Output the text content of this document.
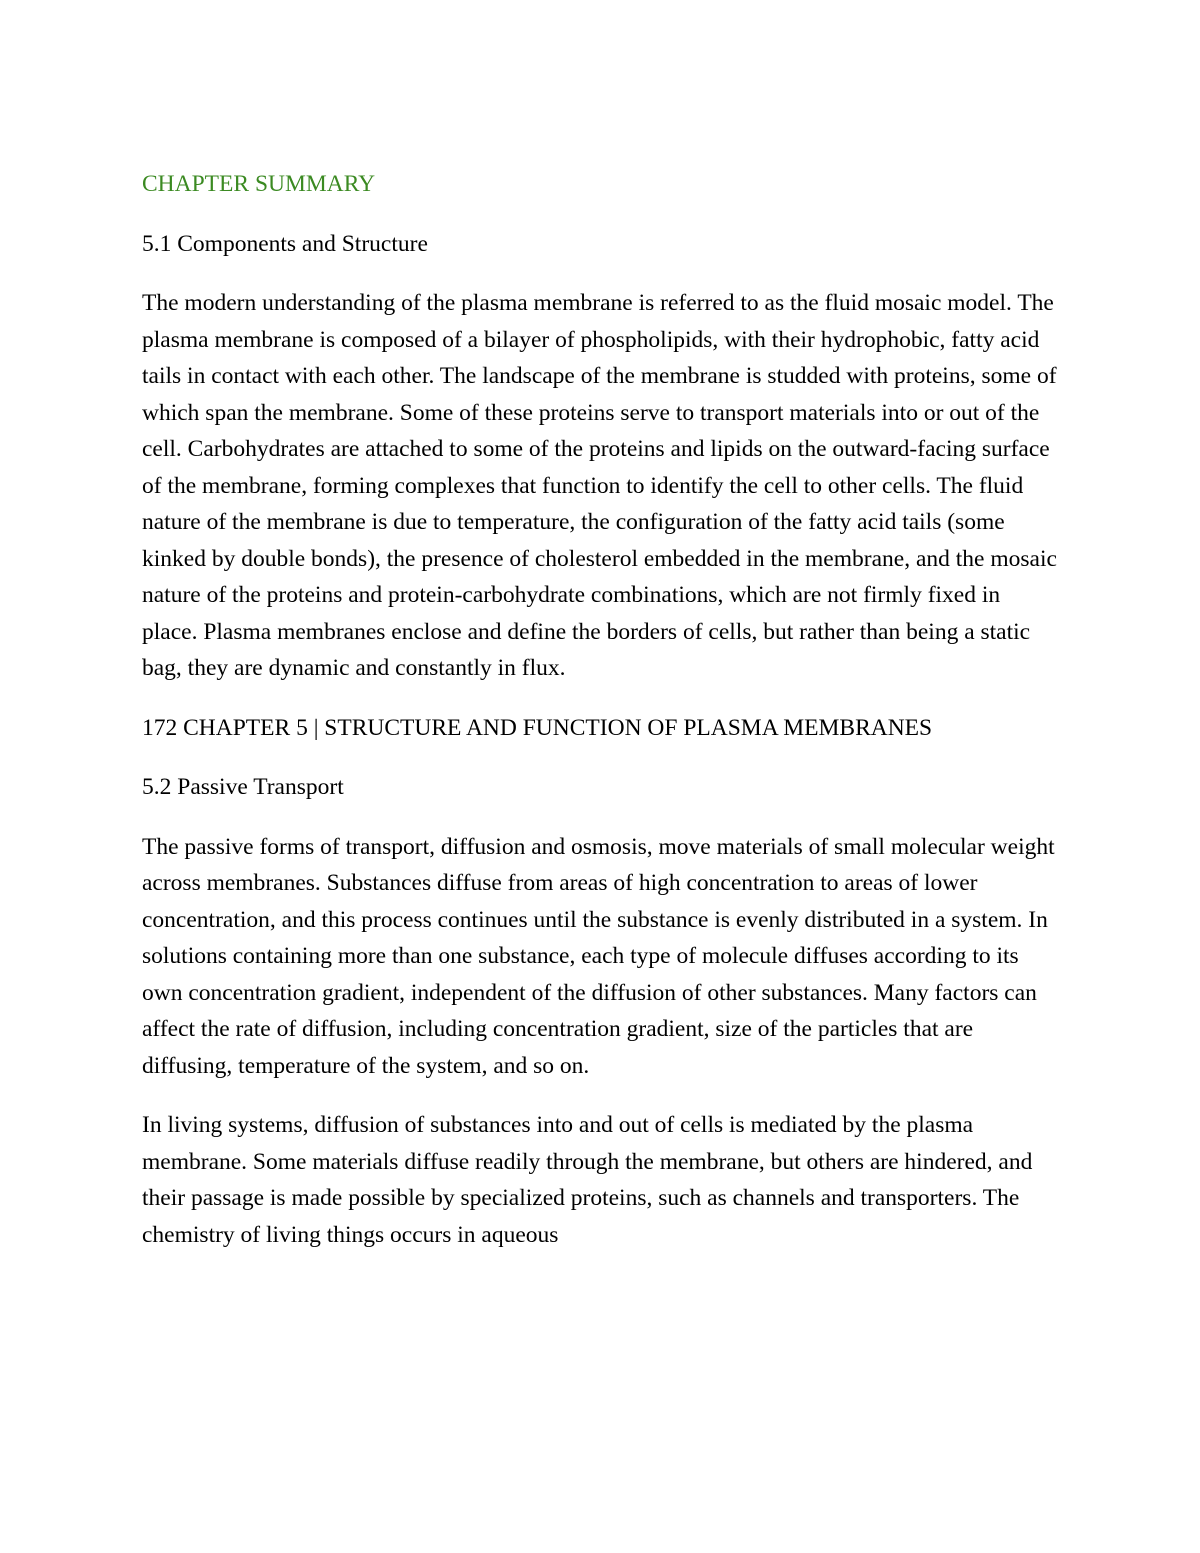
CHAPTER SUMMARY

5.1 Components and Structure

The modern understanding of the plasma membrane is referred to as the fluid mosaic model. The plasma membrane is composed of a bilayer of phospholipids, with their hydrophobic, fatty acid tails in contact with each other. The landscape of the membrane is studded with proteins, some of which span the membrane. Some of these proteins serve to transport materials into or out of the cell. Carbohydrates are attached to some of the proteins and lipids on the outward-facing surface of the membrane, forming complexes that function to identify the cell to other cells. The fluid nature of the membrane is due to temperature, the configuration of the fatty acid tails (some kinked by double bonds), the presence of cholesterol embedded in the membrane, and the mosaic nature of the proteins and protein-carbohydrate combinations, which are not firmly fixed in place. Plasma membranes enclose and define the borders of cells, but rather than being a static bag, they are dynamic and constantly in flux.

172 CHAPTER 5 | STRUCTURE AND FUNCTION OF PLASMA MEMBRANES

5.2 Passive Transport

The passive forms of transport, diffusion and osmosis, move materials of small molecular weight across membranes. Substances diffuse from areas of high concentration to areas of lower concentration, and this process continues until the substance is evenly distributed in a system. In solutions containing more than one substance, each type of molecule diffuses according to its own concentration gradient, independent of the diffusion of other substances. Many factors can affect the rate of diffusion, including concentration gradient, size of the particles that are diffusing, temperature of the system, and so on.

In living systems, diffusion of substances into and out of cells is mediated by the plasma membrane. Some materials diffuse readily through the membrane, but others are hindered, and their passage is made possible by specialized proteins, such as channels and transporters. The chemistry of living things occurs in aqueous
